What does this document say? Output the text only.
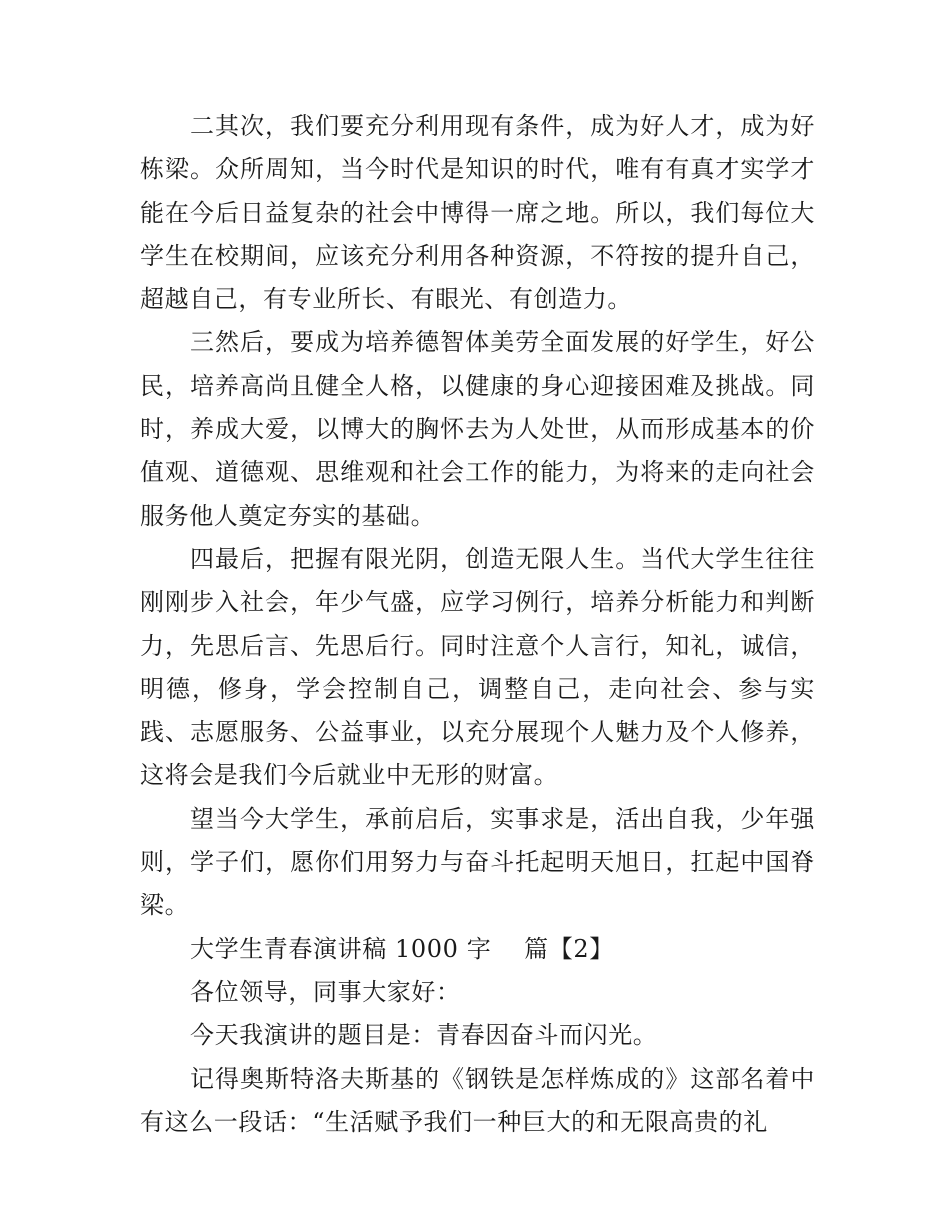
二其次，我们要充分利用现有条件，成为好人才，成为好栋梁。众所周知，当今时代是知识的时代，唯有有真才实学才能在今后日益复杂的社会中博得一席之地。所以，我们每位大学生在校期间，应该充分利用各种资源，不符按的提升自己，超越自己，有专业所长、有眼光、有创造力。

三然后，要成为培养德智体美劳全面发展的好学生，好公民，培养高尚且健全人格，以健康的身心迎接困难及挑战。同时，养成大爱，以博大的胸怀去为人处世，从而形成基本的价值观、道德观、思维观和社会工作的能力，为将来的走向社会服务他人奠定夯实的基础。

四最后，把握有限光阴，创造无限人生。当代大学生往往刚刚步入社会，年少气盛，应学习例行，培养分析能力和判断力，先思后言、先思后行。同时注意个人言行，知礼，诚信，明德，修身，学会控制自己，调整自己，走向社会、参与实践、志愿服务、公益事业，以充分展现个人魅力及个人修养，这将会是我们今后就业中无形的财富。

望当今大学生，承前启后，实事求是，活出自我，少年强则，学子们，愿你们用努力与奋斗托起明天旭日，扛起中国脊梁。

大学生青春演讲稿 1000 字　 篇【2】

各位领导，同事大家好：

今天我演讲的题目是：青春因奋斗而闪光。

记得奥斯特洛夫斯基的《钢铁是怎样炼成的》这部名着中有这么一段话：“生活赋予我们一种巨大的和无限高贵的礼
